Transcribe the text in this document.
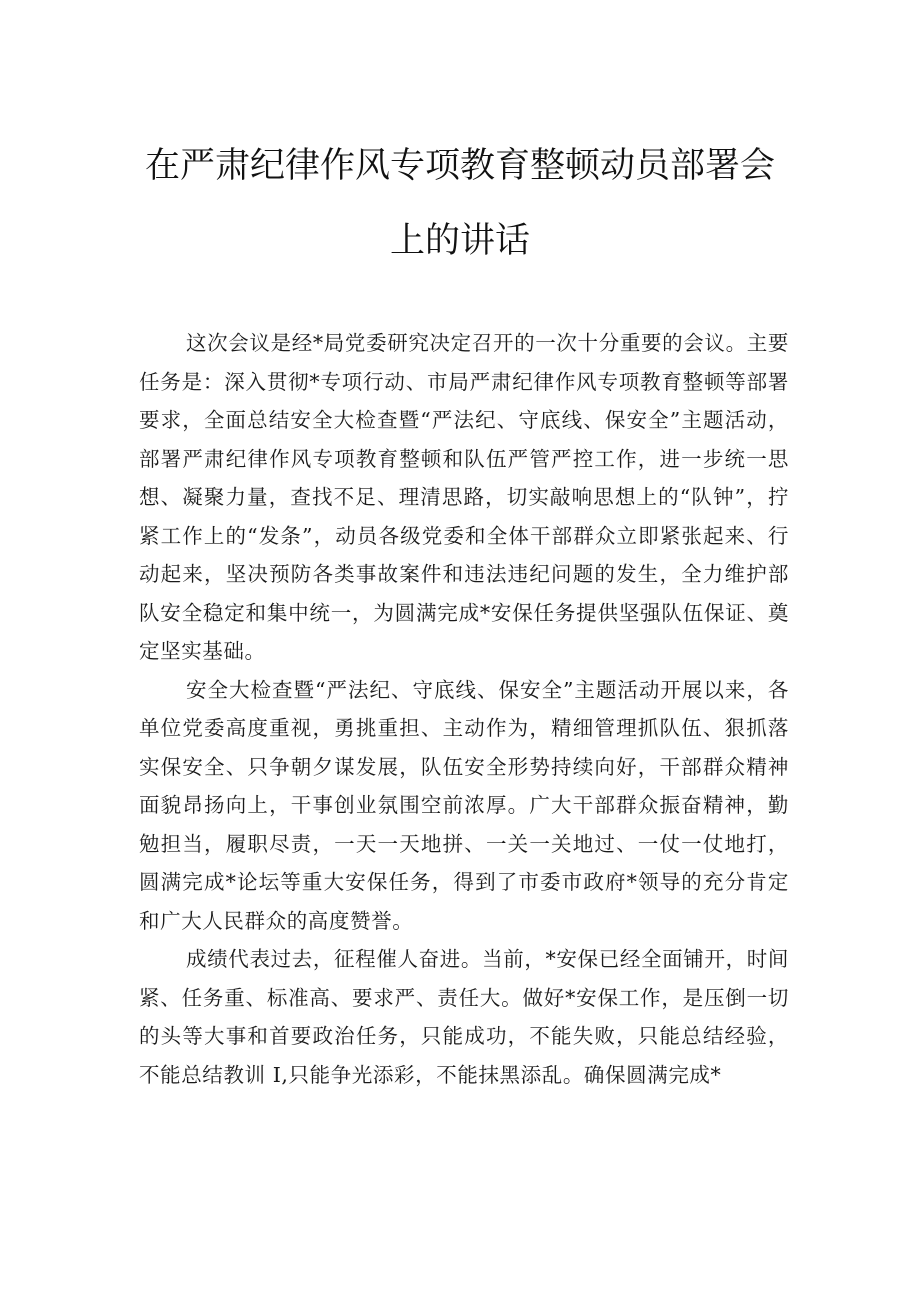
在严肃纪律作风专项教育整顿动员部署会
上的讲话

这次会议是经*局党委研究决定召开的一次十分重要的会议。主要任务是：深入贯彻*专项行动、市局严肃纪律作风专项教育整顿等部署要求，全面总结安全大检查暨“严法纪、守底线、保安全”主题活动，部署严肃纪律作风专项教育整顿和队伍严管严控工作，进一步统一思想、凝聚力量，查找不足、理清思路，切实敲响思想上的“队钟”，拧紧工作上的“发条”，动员各级党委和全体干部群众立即紧张起来、行动起来，坚决预防各类事故案件和违法违纪问题的发生，全力维护部队安全稳定和集中统一，为圆满完成*安保任务提供坚强队伍保证、奠定坚实基础。

安全大检查暨“严法纪、守底线、保安全”主题活动开展以来，各单位党委高度重视，勇挑重担、主动作为，精细管理抓队伍、狠抓落实保安全、只争朝夕谋发展，队伍安全形势持续向好，干部群众精神面貌昂扬向上，干事创业氛围空前浓厚。广大干部群众振奋精神，勤勉担当，履职尽责，一天一天地拼、一关一关地过、一仗一仗地打，圆满完成*论坛等重大安保任务，得到了市委市政府*领导的充分肯定和广大人民群众的高度赞誉。

成绩代表过去，征程催人奋进。当前，*安保已经全面铺开，时间紧、任务重、标准高、要求严、责任大。做好*安保工作，是压倒一切的头等大事和首要政治任务，只能成功，不能失败，只能总结经验，不能总结教训 I,只能争光添彩，不能抹黑添乱。确保圆满完成*
